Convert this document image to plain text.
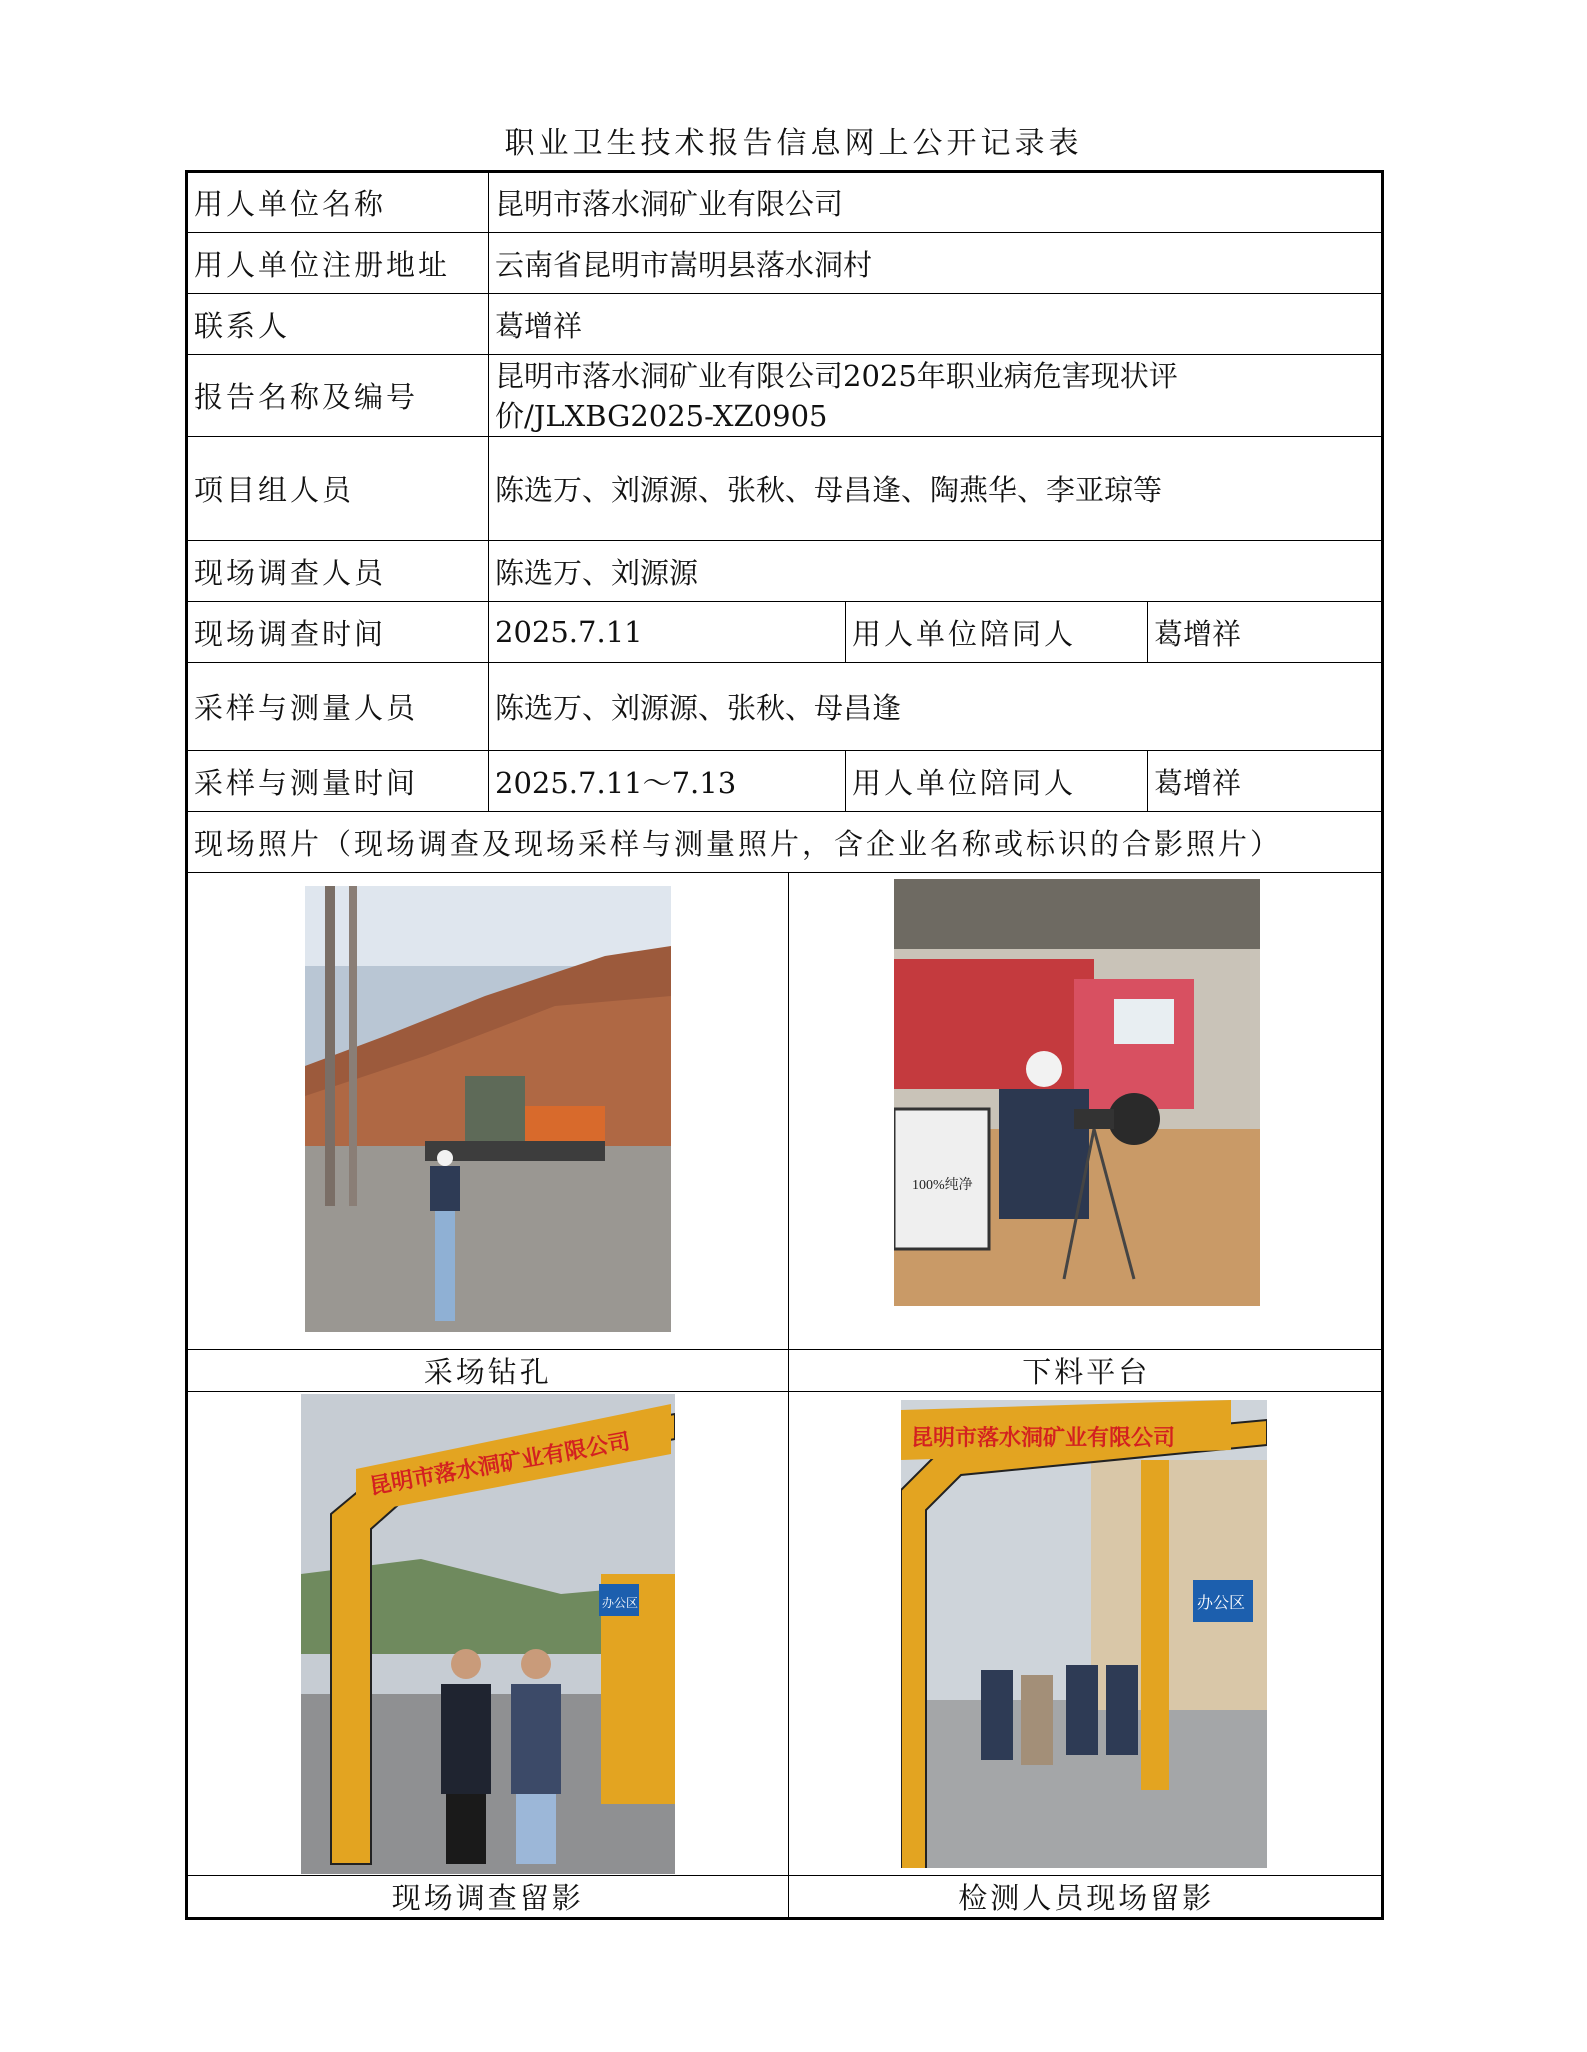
职业卫生技术报告信息网上公开记录表
用人单位名称	昆明市落水洞矿业有限公司
用人单位注册地址	云南省昆明市嵩明县落水洞村
联系人	葛增祥
报告名称及编号	昆明市落水洞矿业有限公司2025年职业病危害现状评价/JLXBG2025-XZ0905
项目组人员	陈选万、刘源源、张秋、母昌逢、陶燕华、李亚琼等
现场调查人员	陈选万、刘源源
现场调查时间	2025.7.11	用人单位陪同人	葛增祥
采样与测量人员	陈选万、刘源源、张秋、母昌逢
采样与测量时间	2025.7.11～7.13	用人单位陪同人	葛增祥
现场照片（现场调查及现场采样与测量照片，含企业名称或标识的合影照片）

100%纯净

采场钻孔	下料平台

昆明市落水洞矿业有限公司
办公区

昆明市落水洞矿业有限公司
办公区

现场调查留影	检测人员现场留影
